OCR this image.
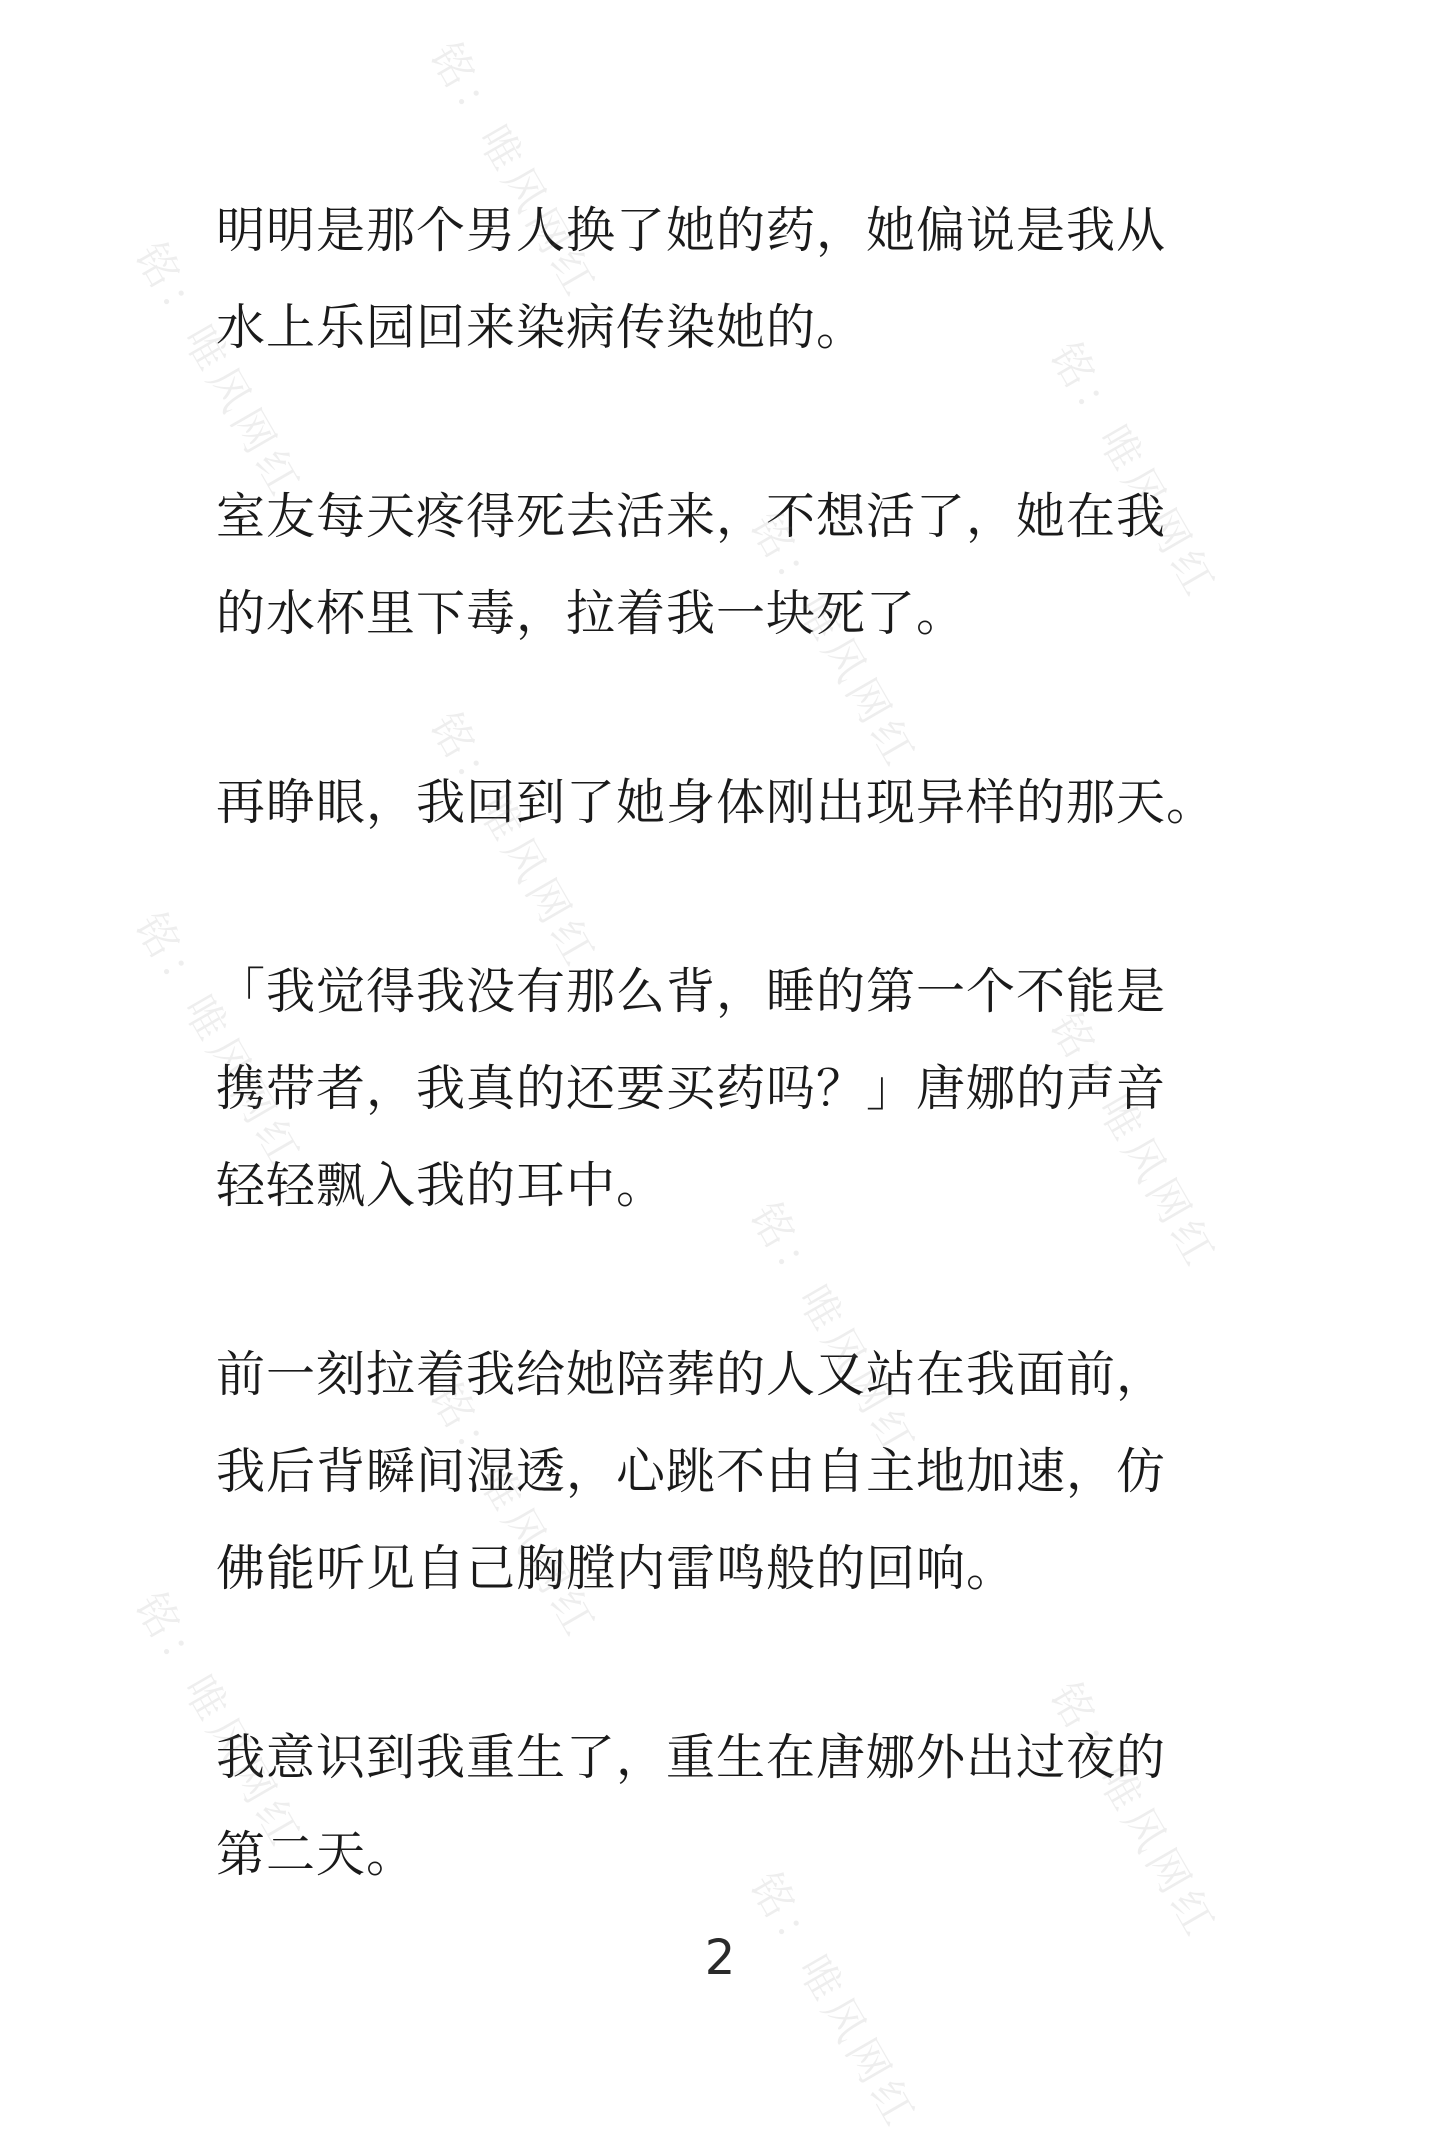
明明是那个男人换了她的药，她偏说是我从
水上乐园回来染病传染她的。

室友每天疼得死去活来，不想活了，她在我
的水杯里下毒，拉着我一块死了。

再睁眼，我回到了她身体刚出现异样的那天。

「我觉得我没有那么背，睡的第一个不能是
携带者，我真的还要买药吗？」唐娜的声音
轻轻飘入我的耳中。

前一刻拉着我给她陪葬的人又站在我面前，
我后背瞬间湿透，心跳不由自主地加速，仿
佛能听见自己胸膛内雷鸣般的回响。

我意识到我重生了，重生在唐娜外出过夜的
第二天。

2
铭：唯风网红
铭：唯风网红	铭：唯风网红
铭：唯风网红
铭：唯风网红
铭：唯风网红	铭：唯风网红
铭：唯风网红
铭：唯风网红
铭：唯风网红	铭：唯风网红
铭：唯风网红
